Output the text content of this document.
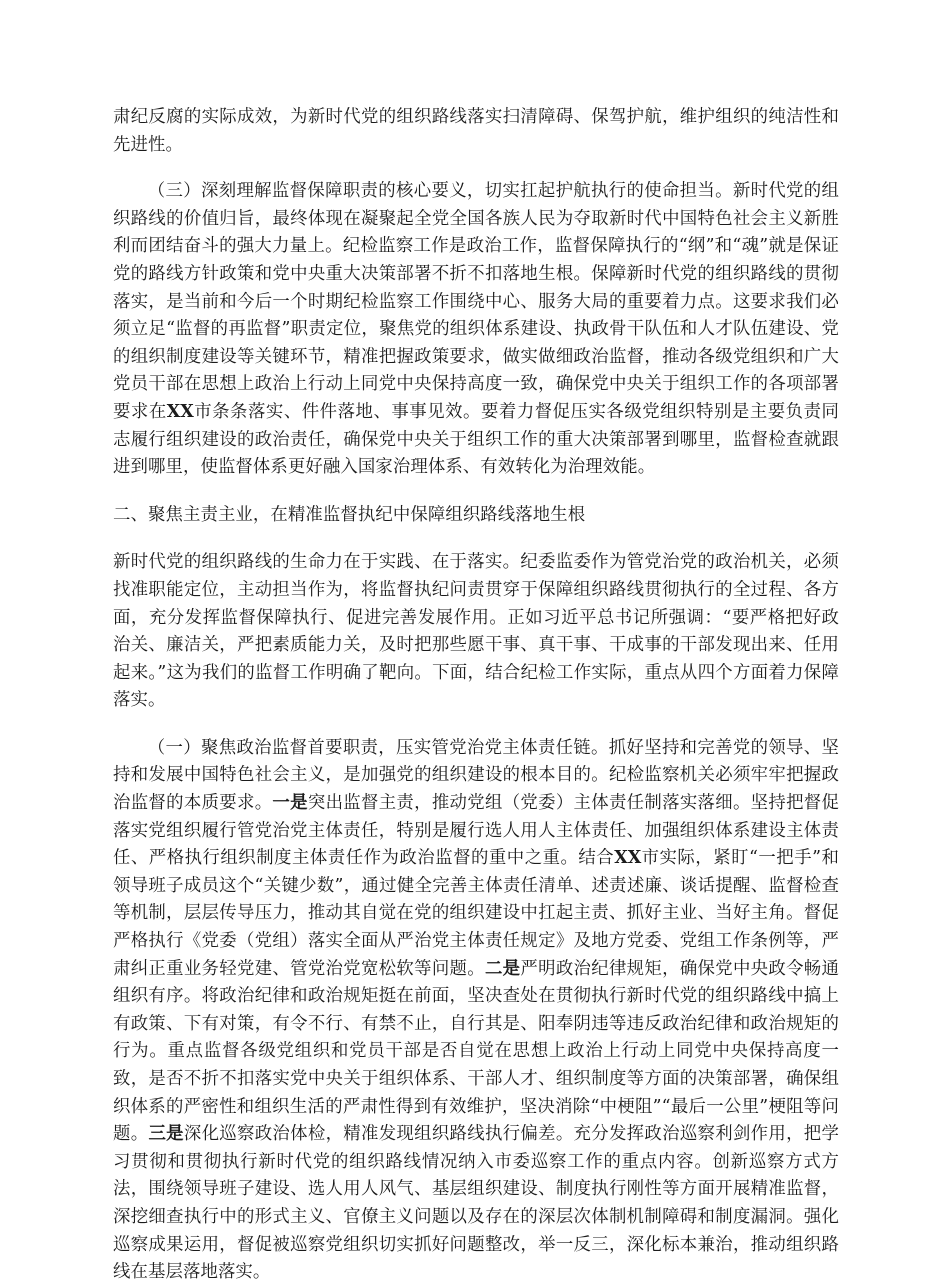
肃纪反腐的实际成效，为新时代党的组织路线落实扫清障碍、保驾护航，维护组织的纯洁性和先进性。

（三）深刻理解监督保障职责的核心要义，切实扛起护航执行的使命担当。新时代党的组织路线的价值归旨，最终体现在凝聚起全党全国各族人民为夺取新时代中国特色社会主义新胜利而团结奋斗的强大力量上。纪检监察工作是政治工作，监督保障执行的“纲”和“魂”就是保证党的路线方针政策和党中央重大决策部署不折不扣落地生根。保障新时代党的组织路线的贯彻落实，是当前和今后一个时期纪检监察工作围绕中心、服务大局的重要着力点。这要求我们必须立足“监督的再监督”职责定位，聚焦党的组织体系建设、执政骨干队伍和人才队伍建设、党的组织制度建设等关键环节，精准把握政策要求，做实做细政治监督，推动各级党组织和广大党员干部在思想上政治上行动上同党中央保持高度一致，确保党中央关于组织工作的各项部署要求在XX市条条落实、件件落地、事事见效。要着力督促压实各级党组织特别是主要负责同志履行组织建设的政治责任，确保党中央关于组织工作的重大决策部署到哪里，监督检查就跟进到哪里，使监督体系更好融入国家治理体系、有效转化为治理效能。

二、聚焦主责主业，在精准监督执纪中保障组织路线落地生根

新时代党的组织路线的生命力在于实践、在于落实。纪委监委作为管党治党的政治机关，必须找准职能定位，主动担当作为，将监督执纪问责贯穿于保障组织路线贯彻执行的全过程、各方面，充分发挥监督保障执行、促进完善发展作用。正如习近平总书记所强调：“要严格把好政治关、廉洁关，严把素质能力关，及时把那些愿干事、真干事、干成事的干部发现出来、任用起来。”这为我们的监督工作明确了靶向。下面，结合纪检工作实际，重点从四个方面着力保障落实。

（一）聚焦政治监督首要职责，压实管党治党主体责任链。抓好坚持和完善党的领导、坚持和发展中国特色社会主义，是加强党的组织建设的根本目的。纪检监察机关必须牢牢把握政治监督的本质要求。一是突出监督主责，推动党组（党委）主体责任制落实落细。坚持把督促落实党组织履行管党治党主体责任，特别是履行选人用人主体责任、加强组织体系建设主体责任、严格执行组织制度主体责任作为政治监督的重中之重。结合XX市实际，紧盯“一把手”和领导班子成员这个“关键少数”，通过健全完善主体责任清单、述责述廉、谈话提醒、监督检查等机制，层层传导压力，推动其自觉在党的组织建设中扛起主责、抓好主业、当好主角。督促严格执行《党委（党组）落实全面从严治党主体责任规定》及地方党委、党组工作条例等，严肃纠正重业务轻党建、管党治党宽松软等问题。二是严明政治纪律规矩，确保党中央政令畅通组织有序。将政治纪律和政治规矩挺在前面，坚决查处在贯彻执行新时代党的组织路线中搞上有政策、下有对策，有令不行、有禁不止，自行其是、阳奉阴违等违反政治纪律和政治规矩的行为。重点监督各级党组织和党员干部是否自觉在思想上政治上行动上同党中央保持高度一致，是否不折不扣落实党中央关于组织体系、干部人才、组织制度等方面的决策部署，确保组织体系的严密性和组织生活的严肃性得到有效维护，坚决消除“中梗阻”“最后一公里”梗阻等问题。三是深化巡察政治体检，精准发现组织路线执行偏差。充分发挥政治巡察利剑作用，把学习贯彻和贯彻执行新时代党的组织路线情况纳入市委巡察工作的重点内容。创新巡察方式方法，围绕领导班子建设、选人用人风气、基层组织建设、制度执行刚性等方面开展精准监督，深挖细查执行中的形式主义、官僚主义问题以及存在的深层次体制机制障碍和制度漏洞。强化巡察成果运用，督促被巡察党组织切实抓好问题整改，举一反三，深化标本兼治，推动组织路线在基层落地落实。
